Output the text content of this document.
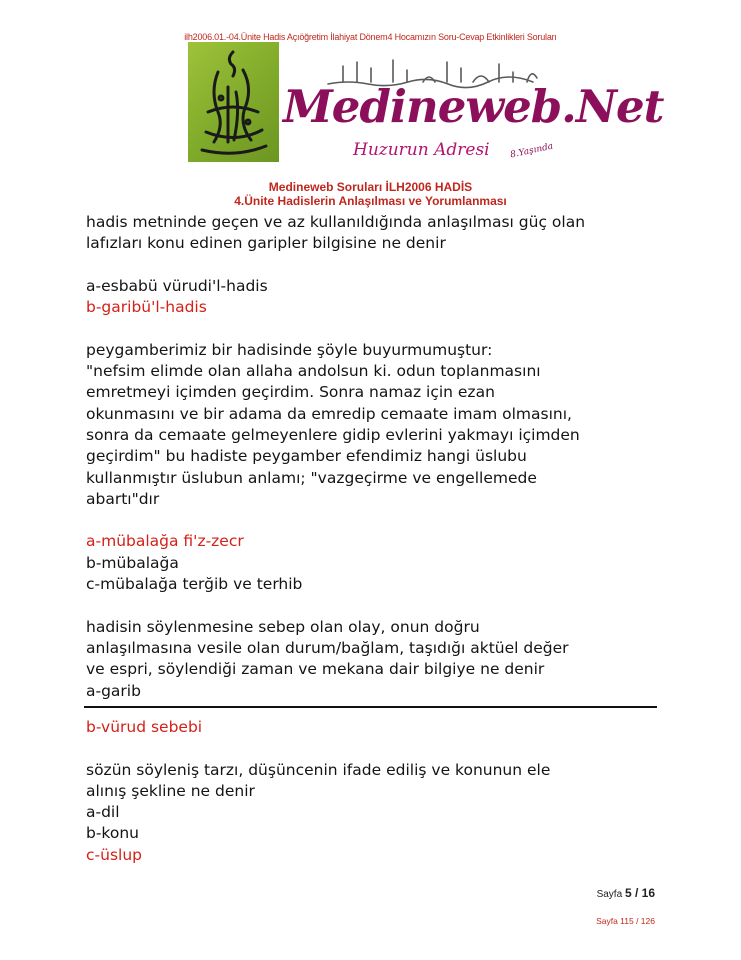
ilh2006.01.-04.Ünite Hadis Açıöğretim İlahiyat Dönem4 Hocamızın Soru-Cevap Etkinlikleri Soruları
Medineweb.Net
Huzurun Adresi 8.Yaşında
Medineweb Soruları İLH2006 HADİS
4.Ünite Hadislerin Anlaşılması ve Yorumlanması
hadis metninde geçen ve az kullanıldığında anlaşılması güç olan
lafızları konu edinen garipler bilgisine ne denir
a-esbabü vürudi'l-hadis
b-garibü'l-hadis
peygamberimiz bir hadisinde şöyle buyurmumuştur:
"nefsim elimde olan allaha andolsun ki. odun toplanmasını
emretmeyi içimden geçirdim. Sonra namaz için ezan
okunmasını ve bir adama da emredip cemaate imam olmasını,
sonra da cemaate gelmeyenlere gidip evlerini yakmayı içimden
geçirdim" bu hadiste peygamber efendimiz hangi üslubu
kullanmıştır üslubun anlamı; "vazgeçirme ve engellemede
abartı"dır
a-mübalağa fi'z-zecr
b-mübalağa
c-mübalağa terğib ve terhib
hadisin söylenmesine sebep olan olay, onun doğru
anlaşılmasına vesile olan durum/bağlam, taşıdığı aktüel değer
ve espri, söylendiği zaman ve mekana dair bilgiye ne denir
a-garib
b-vürud sebebi
sözün söyleniş tarzı, düşüncenin ifade ediliş ve konunun ele
alınış şekline ne denir
a-dil
b-konu
c-üslup
Sayfa 5 / 16
Sayfa 115 / 126
